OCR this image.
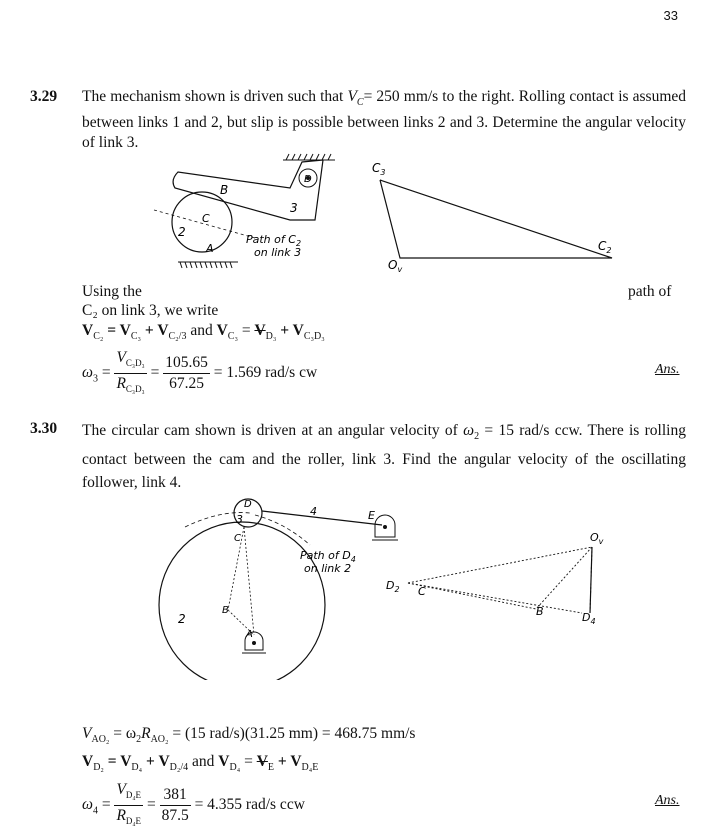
33
3.29 The mechanism shown is driven such that $V_C= 250$ mm/s to the right. Rolling contact is assumed between links 1 and 2, but slip is possible between links 2 and 3. Determine the angular velocity of link 3.
D
3
B
2
C
A
Path of $C_2$
on link 3
$C_3$
$O_v$
$C_2$
Using the	path of
C₂ on link 3, we write
$V_{C_2} = V_{C_3} + V_{C_2/3}$ and $V_{C_3} = V_{D_3} + V_{C_3D_3}$
$\omega_3 = \frac{V_{C_3D_3}}{R_{C_3D_3}} = \frac{105.65}{67.25} = 1.569$ rad/s cw	Ans.
3.30 The circular cam shown is driven at an angular velocity of $\omega_2 = 15$ rad/s ccw. There is rolling contact between the cam and the roller, link 3. Find the angular velocity of the oscillating follower, link 4.
2
D
3
C
4	E
B
A
Path of $D_4$
on link 2
$O_v$
$D_2$ C
B	$D_4$
$V_{AO_2} = \omega_2R_{AO_2} = (15$ rad/s)(31.25 mm) = 468.75 mm/s
$V_{D_2} = V_{D_4} + V_{D_2/4}$ and $V_{D_4} = V_E + V_{D_4E}$
$\omega_4 = \frac{V_{D_4E}}{R_{D_4E}} = \frac{381}{87.5} = 4.355$ rad/s ccw	Ans.
